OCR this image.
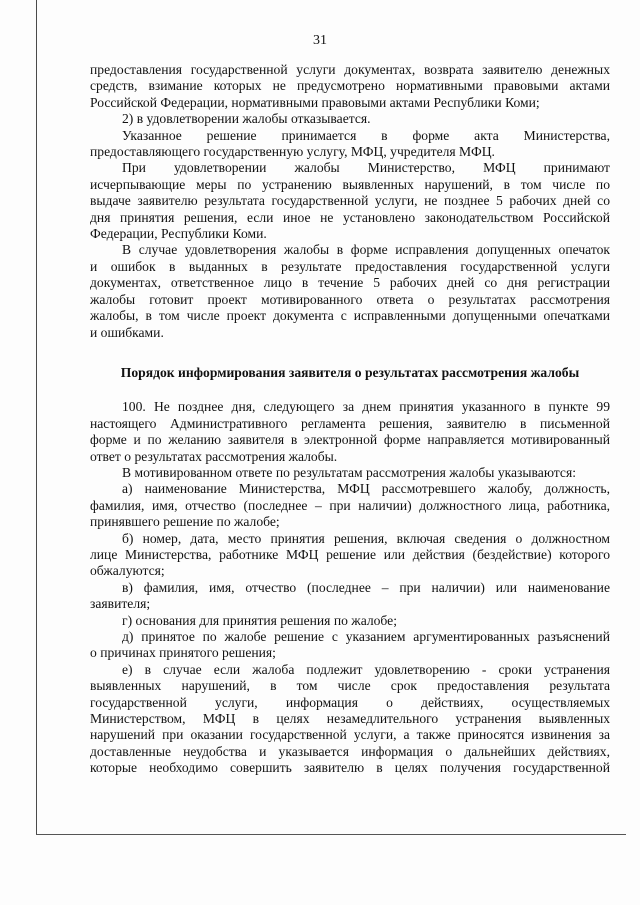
31

предоставления государственной услуги документах, возврата заявителю денежных
средств, взимание которых не предусмотрено нормативными правовыми актами
Российской Федерации, нормативными правовыми актами Республики Коми;

2) в удовлетворении жалобы отказывается.

Указанное решение принимается в форме акта Министерства,
предоставляющего государственную услугу, МФЦ, учредителя МФЦ.

При удовлетворении жалобы Министерство, МФЦ принимают
исчерпывающие меры по устранению выявленных нарушений, в том числе по
выдаче заявителю результата государственной услуги, не позднее 5 рабочих дней со
дня принятия решения, если иное не установлено законодательством Российской
Федерации, Республики Коми.

В случае удовлетворения жалобы в форме исправления допущенных опечаток
и ошибок в выданных в результате предоставления государственной услуги
документах, ответственное лицо в течение 5 рабочих дней со дня регистрации
жалобы готовит проект мотивированного ответа о результатах рассмотрения
жалобы, в том числе проект документа с исправленными допущенными опечатками
и ошибками.

Порядок информирования заявителя о результатах рассмотрения жалобы

100. Не позднее дня, следующего за днем принятия указанного в пункте 99
настоящего Административного регламента решения, заявителю в письменной
форме и по желанию заявителя в электронной форме направляется мотивированный
ответ о результатах рассмотрения жалобы.

В мотивированном ответе по результатам рассмотрения жалобы указываются:

а) наименование Министерства, МФЦ рассмотревшего жалобу, должность,
фамилия, имя, отчество (последнее – при наличии) должностного лица, работника,
принявшего решение по жалобе;

б) номер, дата, место принятия решения, включая сведения о должностном
лице Министерства, работнике МФЦ решение или действия (бездействие) которого
обжалуются;

в) фамилия, имя, отчество (последнее – при наличии) или наименование
заявителя;

г) основания для принятия решения по жалобе;

д) принятое по жалобе решение с указанием аргументированных разъяснений
о причинах принятого решения;

е) в случае если жалоба подлежит удовлетворению - сроки устранения
выявленных нарушений, в том числе срок предоставления результата
государственной услуги, информация о действиях, осуществляемых
Министерством, МФЦ в целях незамедлительного устранения выявленных
нарушений при оказании государственной услуги, а также приносятся извинения за
доставленные неудобства и указывается информация о дальнейших действиях,
которые необходимо совершить заявителю в целях получения государственной
